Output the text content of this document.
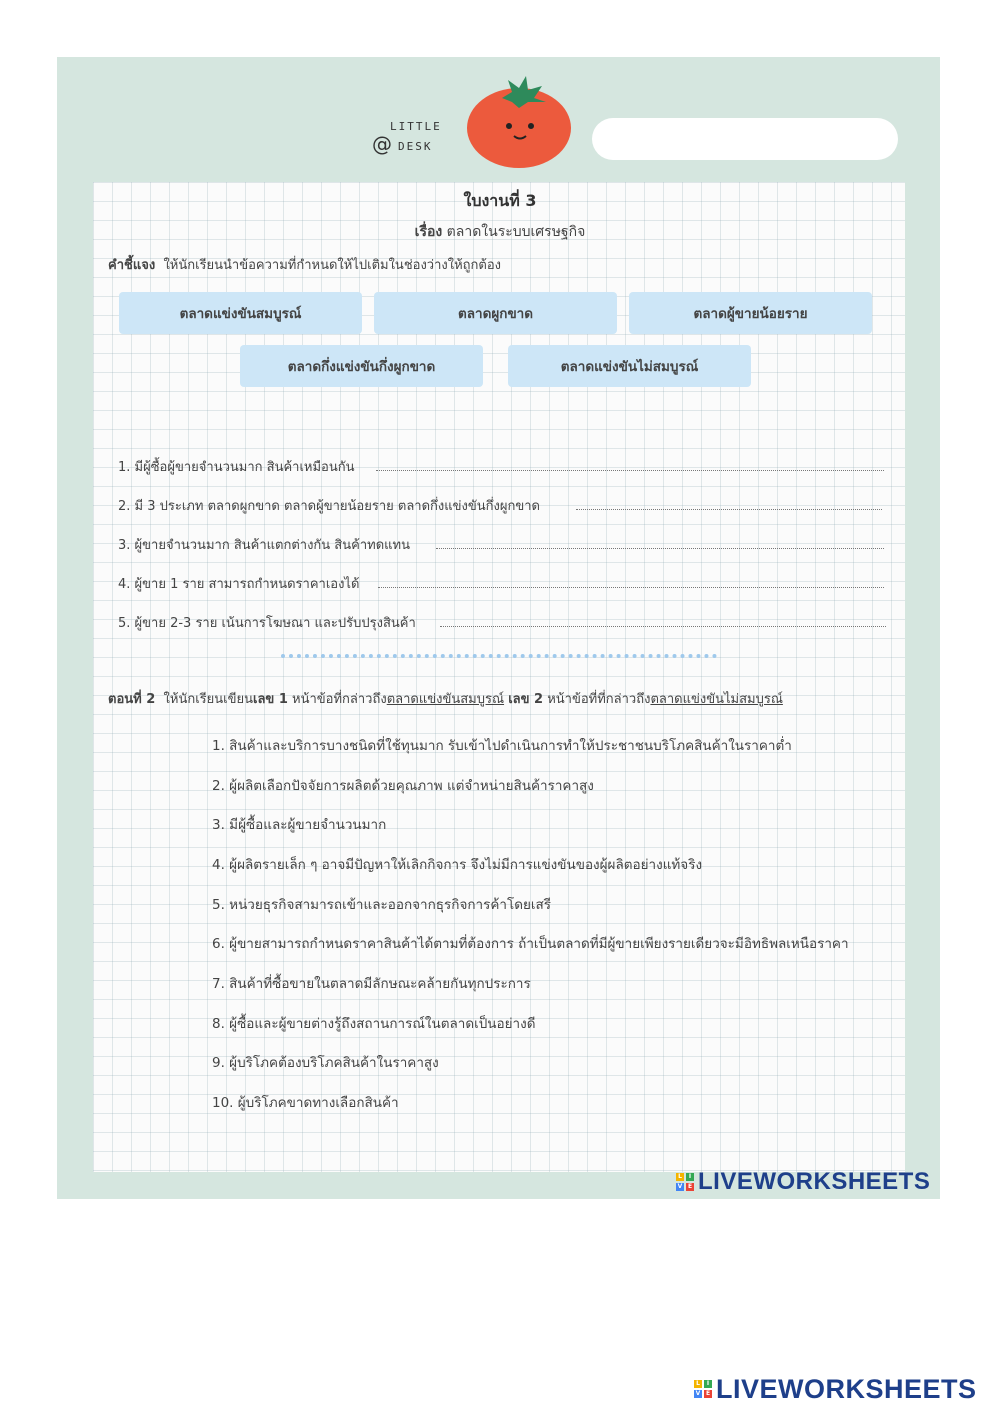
LITTLE
@ DESK
ใบงานที่ 3
เรื่อง ตลาดในระบบเศรษฐกิจ
คำชี้แจง ให้นักเรียนนำข้อความที่กำหนดให้ไปเติมในช่องว่างให้ถูกต้อง
ตลาดแข่งขันสมบูรณ์	ตลาดผูกขาด	ตลาดผู้ขายน้อยราย
ตลาดกึ่งแข่งขันกึ่งผูกขาด	ตลาดแข่งขันไม่สมบูรณ์
1. มีผู้ซื้อผู้ขายจำนวนมาก สินค้าเหมือนกัน
2. มี 3 ประเภท ตลาดผูกขาด ตลาดผู้ขายน้อยราย ตลาดกึ่งแข่งขันกึ่งผูกขาด
3. ผู้ขายจำนวนมาก สินค้าแตกต่างกัน สินค้าทดแทน
4. ผู้ขาย 1 ราย สามารถกำหนดราคาเองได้
5. ผู้ขาย 2-3 ราย เน้นการโฆษณา และปรับปรุงสินค้า
ตอนที่ 2 ให้นักเรียนเขียนเลข 1 หน้าข้อที่กล่าวถึงตลาดแข่งขันสมบูรณ์ เลข 2 หน้าข้อที่ที่กล่าวถึงตลาดแข่งขันไม่สมบูรณ์
1. สินค้าและบริการบางชนิดที่ใช้ทุนมาก รับเข้าไปดำเนินการทำให้ประชาชนบริโภคสินค้าในราคาต่ำ
2. ผู้ผลิตเลือกปัจจัยการผลิตด้วยคุณภาพ แต่จำหน่ายสินค้าราคาสูง
3. มีผู้ซื้อและผู้ขายจำนวนมาก
4. ผู้ผลิตรายเล็ก ๆ อาจมีปัญหาให้เลิกกิจการ จึงไม่มีการแข่งขันของผู้ผลิตอย่างแท้จริง
5. หน่วยธุรกิจสามารถเข้าและออกจากธุรกิจการค้าโดยเสรี
6. ผู้ขายสามารถกำหนดราคาสินค้าได้ตามที่ต้องการ ถ้าเป็นตลาดที่มีผู้ขายเพียงรายเดียวจะมีอิทธิพลเหนือราคา
7. สินค้าที่ซื้อขายในตลาดมีลักษณะคล้ายกันทุกประการ
8. ผู้ซื้อและผู้ขายต่างรู้ถึงสถานการณ์ในตลาดเป็นอย่างดี
9. ผู้บริโภคต้องบริโภคสินค้าในราคาสูง
10. ผู้บริโภคขาดทางเลือกสินค้า
L	I
V E LIVEWORKSHEETS
L	I
V E LIVEWORKSHEETS
